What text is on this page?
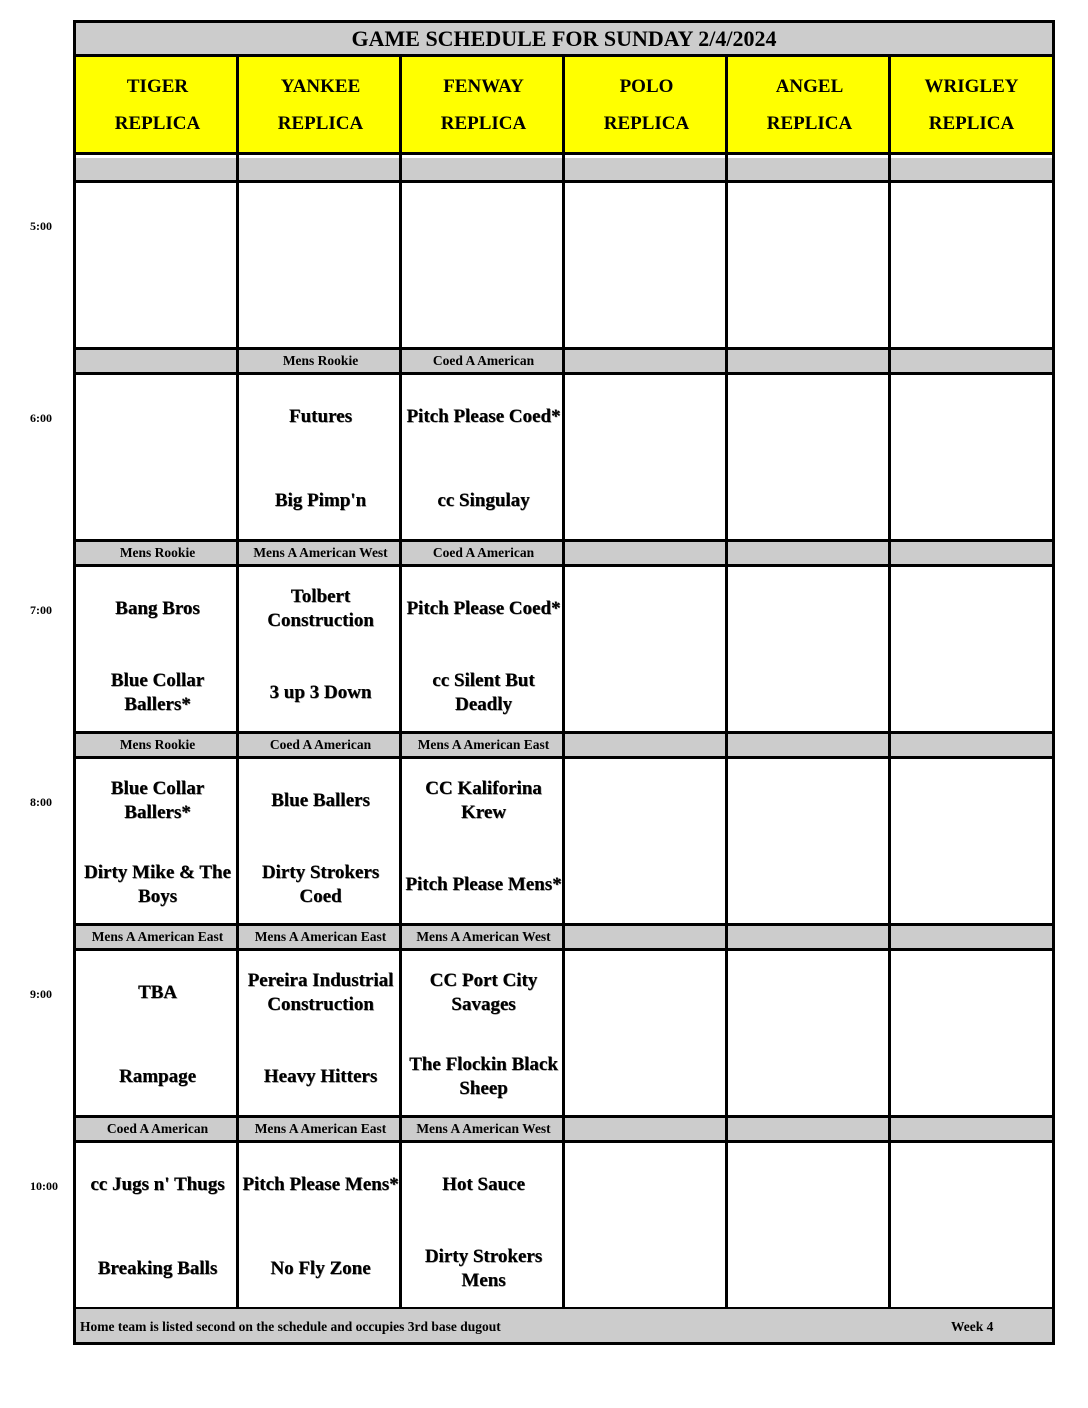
5:00
6:00
7:00
8:00
9:00
10:00
GAME SCHEDULE FOR SUNDAY 2/4/2024
TIGER
REPLICA
YANKEE
REPLICA
FENWAY
REPLICA
POLO
REPLICA
ANGEL
REPLICA
WRIGLEY
REPLICA
Mens Rookie
Futures
Big Pimp'n
Coed A American
Pitch Please Coed*
cc Singulay
Mens Rookie
Bang Bros
Blue Collar Ballers*
Mens A American West
Tolbert Construction
3 up 3 Down
Coed A American
Pitch Please Coed*
cc Silent But Deadly
Mens Rookie
Blue Collar Ballers*
Dirty Mike & The Boys
Coed A American
Blue Ballers
Dirty Strokers Coed
Mens A American East
CC Kaliforina Krew
Pitch Please Mens*
Mens A American East
TBA
Rampage
Mens A American East
Pereira Industrial Construction
Heavy Hitters
Mens A American West
CC Port City Savages
The Flockin Black Sheep
Coed A American
cc Jugs n' Thugs
Breaking Balls
Mens A American East
Pitch Please Mens*
No Fly Zone
Mens A American West
Hot Sauce
Dirty Strokers Mens
Home team is listed second on the schedule and occupies 3rd base dugout	Week 4
